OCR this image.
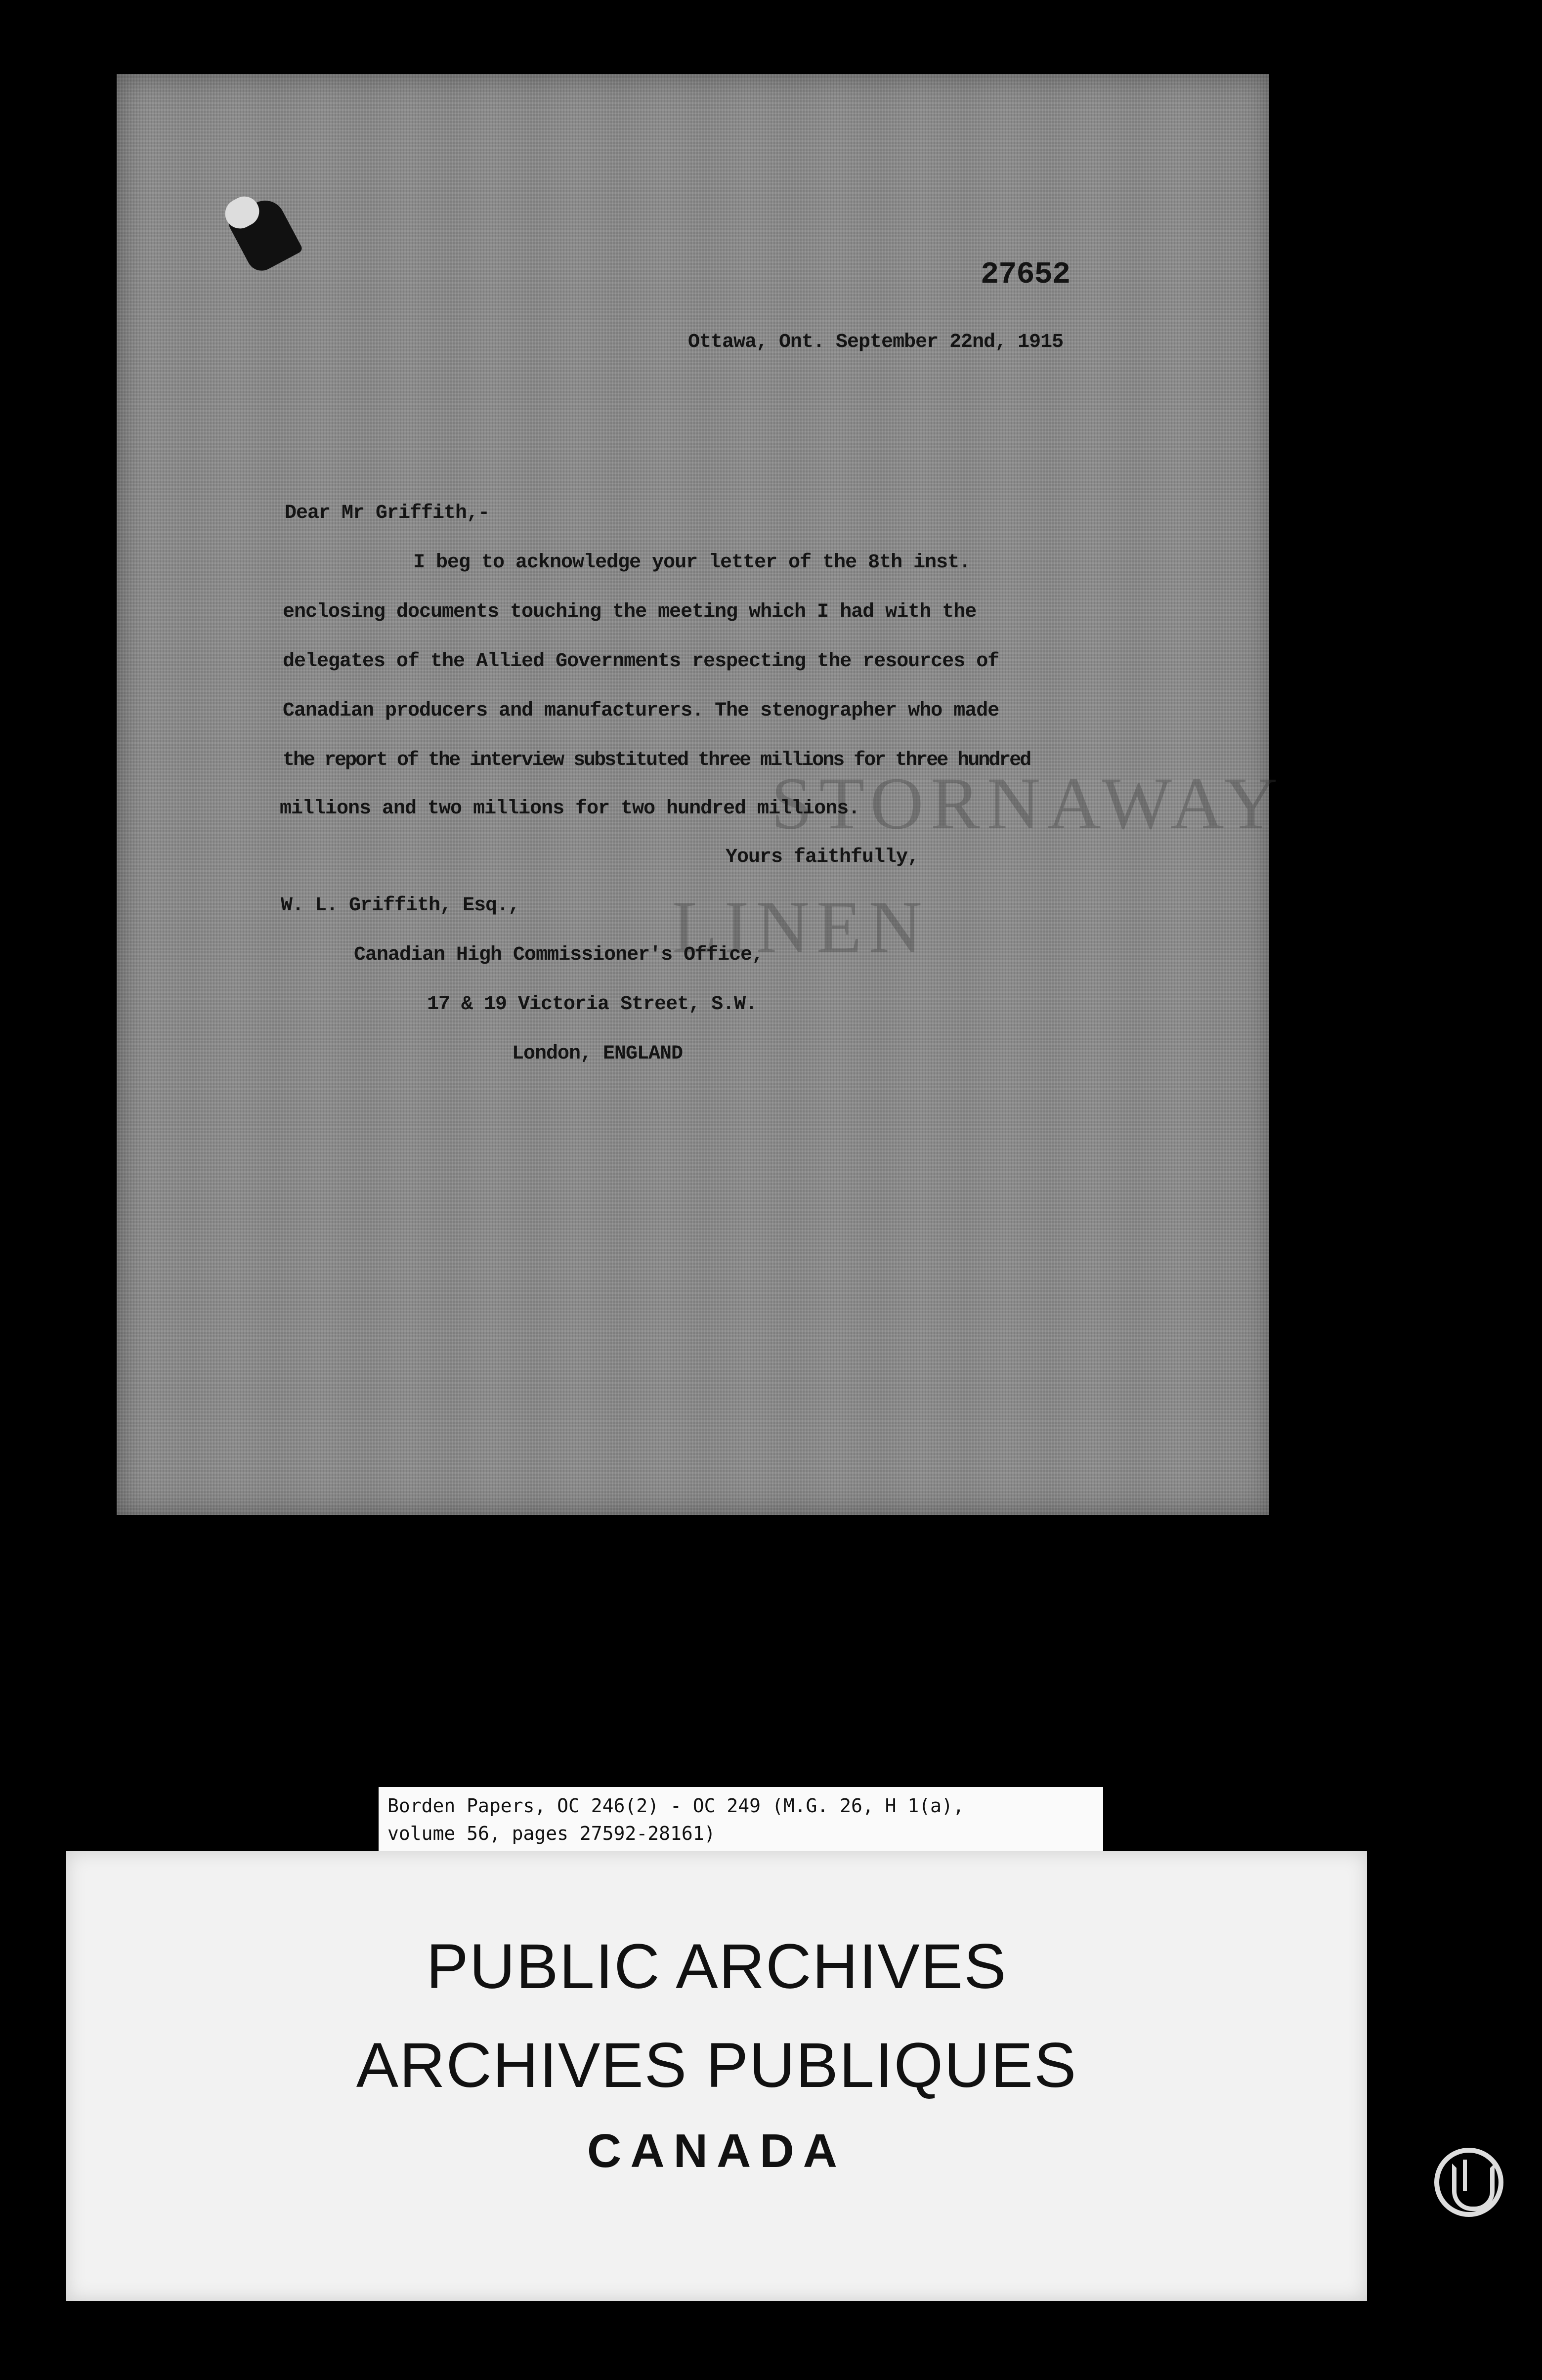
STORNAWAY
LINEN
27652
Ottawa, Ont. September 22nd, 1915
Dear Mr Griffith,-
I beg to acknowledge your letter of the 8th inst.
enclosing documents touching the meeting which I had with the
delegates of the Allied Governments respecting the resources of
Canadian producers and manufacturers. The stenographer who made
the report of the interview substituted three millions for three hundred
millions and two millions for two hundred millions.
Yours faithfully,
W. L. Griffith, Esq.,
Canadian High Commissioner's Office,
17 & 19 Victoria Street, S.W.
London, ENGLAND
Borden Papers, OC 246(2) - OC 249 (M.G. 26, H 1(a),
volume 56, pages 27592-28161)
PUBLIC ARCHIVES
ARCHIVES PUBLIQUES
CANADA
